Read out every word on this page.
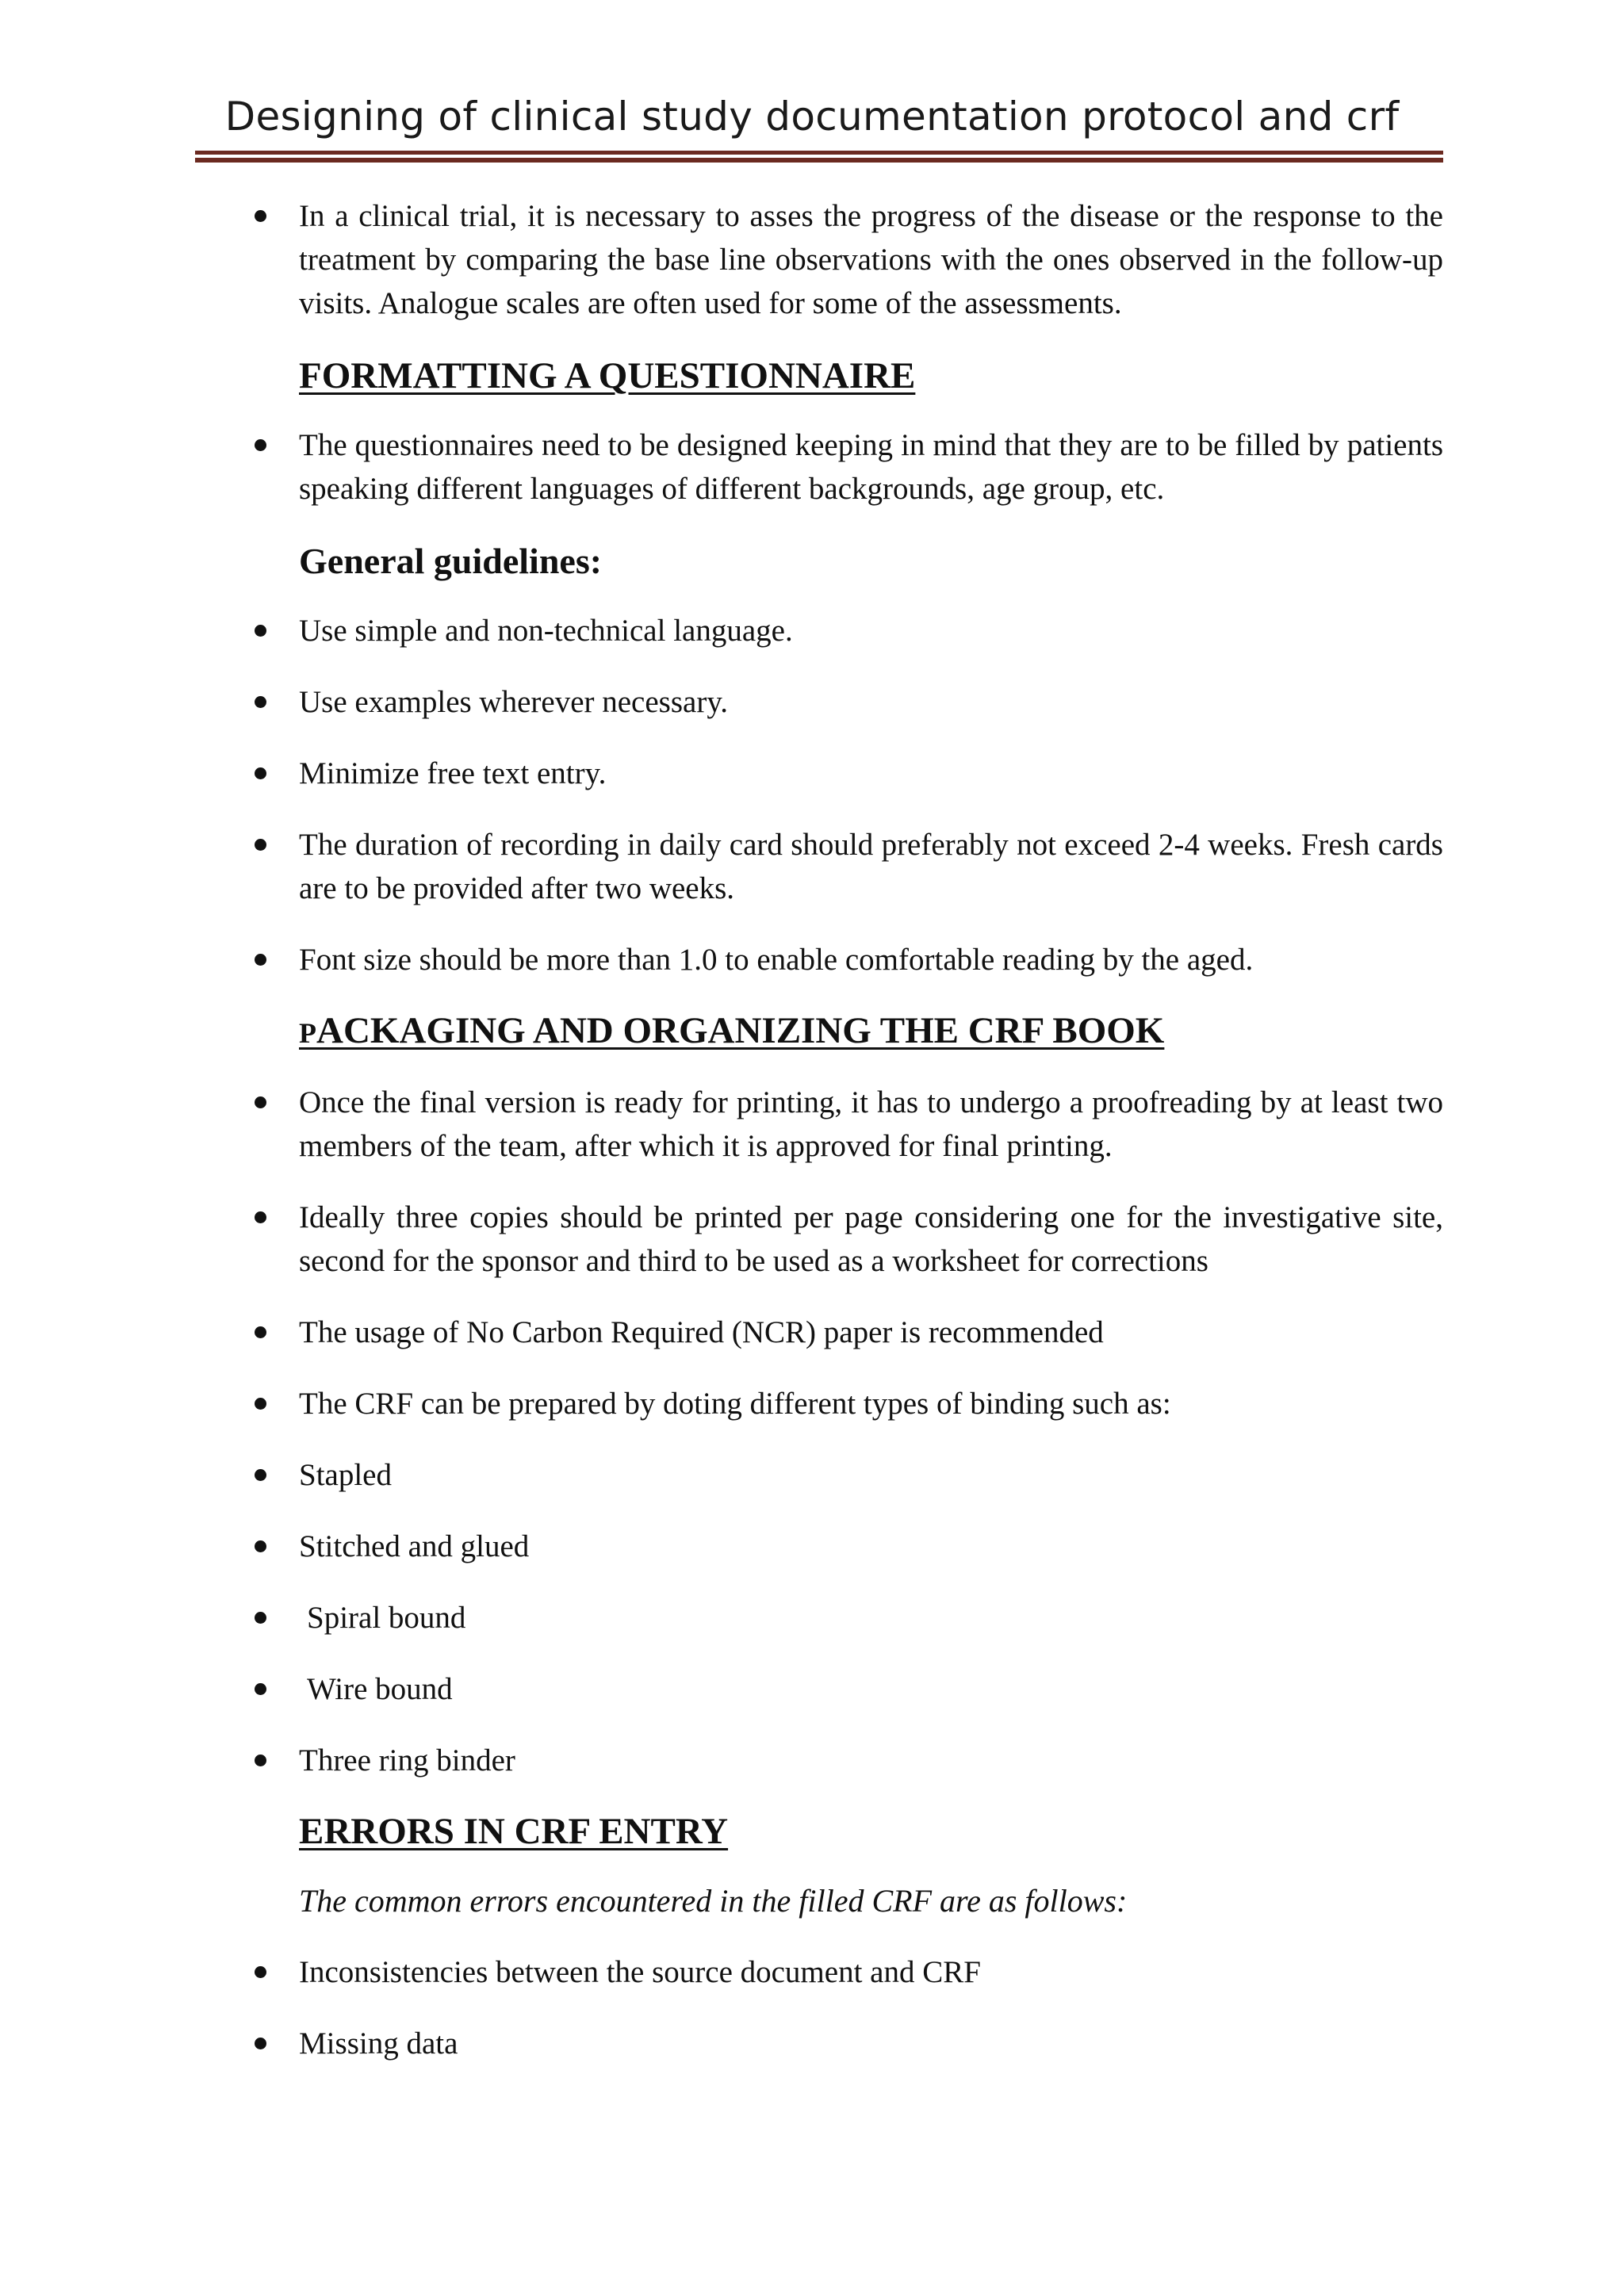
Designing of clinical study documentation protocol and crf
In a clinical trial, it is necessary to asses the progress of the disease or the response to the treatment by comparing the base line observations with the ones observed in the follow-up visits. Analogue scales are often used for some of the assessments.
FORMATTING A QUESTIONNAIRE
The questionnaires need to be designed keeping in mind that they are to be filled by patients speaking different languages of different backgrounds, age group, etc.
General guidelines:
Use simple and non-technical language.
Use examples wherever necessary.
Minimize free text entry.
The duration of recording in daily card should preferably not exceed 2-4 weeks. Fresh cards are to be provided after two weeks.
Font size should be more than 1.0 to enable comfortable reading by the aged.
PACKAGING AND ORGANIZING THE CRF BOOK
Once the final version is ready for printing, it has to undergo a proofreading by at least two members of the team, after which it is approved for final printing.
Ideally three copies should be printed per page considering one for the investigative site, second for the sponsor and third to be used as a worksheet for corrections
The usage of No Carbon Required (NCR) paper is recommended
The CRF can be prepared by doting different types of binding such as:
Stapled
Stitched and glued
Spiral bound
Wire bound
Three ring binder
ERRORS IN CRF ENTRY
The common errors encountered in the filled CRF are as follows:
Inconsistencies between the source document and CRF
Missing data
